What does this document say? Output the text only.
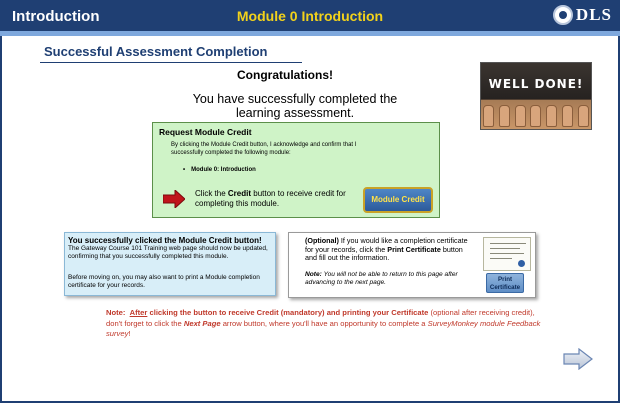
Introduction	Module 0 Introduction	DLS
Successful Assessment Completion
Congratulations!
You have successfully completed the learning assessment.
WELL DONE!
Request Module Credit
By clicking the Module Credit button, I acknowledge and confirm that I successfully completed the following module:
• Module 0: Introduction
Click the Credit button to receive credit for completing this module.	Module Credit
You successfully clicked the Module Credit button!
The Gateway Course 101 Training web page should now be updated, confirming that you successfully completed this module.
Before moving on, you may also want to print a Module completion certificate for your records.
(Optional) If you would like a completion certificate for your records, click the Print Certificate button and fill out the information.
Note: You will not be able to return to this page after advancing to the next page.	Print
Certificate
Note: After clicking the button to receive Credit (mandatory) and printing your Certificate (optional after receiving credit), don't forget to click the Next Page arrow button, where you'll have an opportunity to complete a SurveyMonkey module Feedback survey!
